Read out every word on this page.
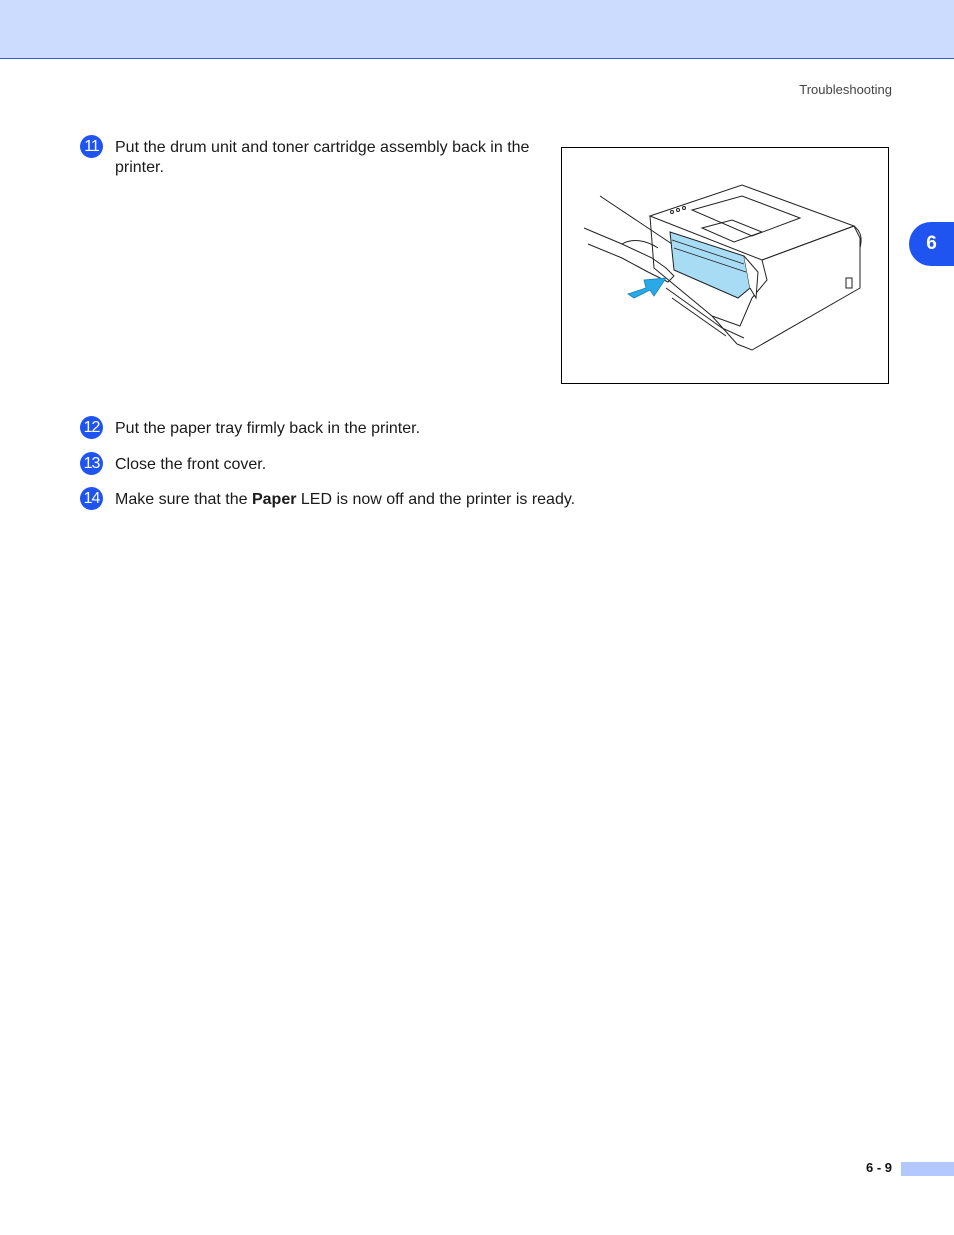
Troubleshooting
6
11 Put the drum unit and toner cartridge assembly back in the printer.
12 Put the paper tray firmly back in the printer.
13 Close the front cover.
14 Make sure that the Paper LED is now off and the printer is ready.
6 - 9
